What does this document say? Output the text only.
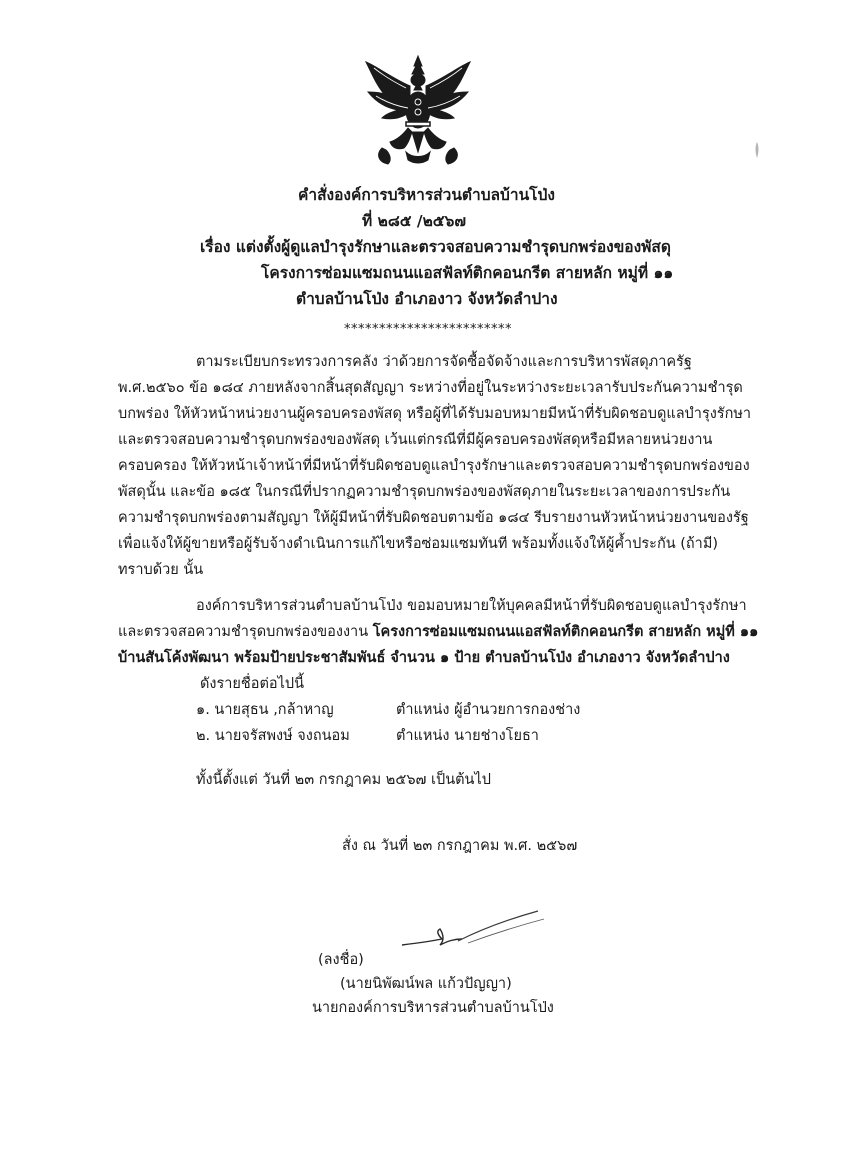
คำสั่งองค์การบริหารส่วนตำบลบ้านโป่ง
ที่ ๒๘๕ /๒๕๖๗
เรื่อง แต่งตั้งผู้ดูแลบำรุงรักษาและตรวจสอบความชำรุดบกพร่องของพัสดุ
โครงการซ่อมแซมถนนแอสฟัลท์ติกคอนกรีต สายหลัก หมู่ที่ ๑๑
ตำบลบ้านโป่ง อำเภองาว จังหวัดลำปาง
************************
ตามระเบียบกระทรวงการคลัง ว่าด้วยการจัดซื้อจัดจ้างและการบริหารพัสดุภาครัฐ
พ.ศ.๒๕๖๐ ข้อ ๑๘๔ ภายหลังจากสิ้นสุดสัญญา ระหว่างที่อยู่ในระหว่างระยะเวลารับประกันความชำรุด
บกพร่อง ให้หัวหน้าหน่วยงานผู้ครอบครองพัสดุ หรือผู้ที่ได้รับมอบหมายมีหน้าที่รับผิดชอบดูแลบำรุงรักษา
และตรวจสอบความชำรุดบกพร่องของพัสดุ เว้นแต่กรณีที่มีผู้ครอบครองพัสดุหรือมีหลายหน่วยงาน
ครอบครอง ให้หัวหน้าเจ้าหน้าที่มีหน้าที่รับผิดชอบดูแลบำรุงรักษาและตรวจสอบความชำรุดบกพร่องของ
พัสดุนั้น และข้อ ๑๘๕ ในกรณีที่ปรากฏความชำรุดบกพร่องของพัสดุภายในระยะเวลาของการประกัน
ความชำรุดบกพร่องตามสัญญา ให้ผู้มีหน้าที่รับผิดชอบตามข้อ ๑๘๔ รีบรายงานหัวหน้าหน่วยงานของรัฐ
เพื่อแจ้งให้ผู้ขายหรือผู้รับจ้างดำเนินการแก้ไขหรือซ่อมแซมทันที พร้อมทั้งแจ้งให้ผู้ค้ำประกัน (ถ้ามี)
ทราบด้วย นั้น
องค์การบริหารส่วนตำบลบ้านโป่ง ขอมอบหมายให้บุคคลมีหน้าที่รับผิดชอบดูแลบำรุงรักษา
และตรวจสอความชำรุดบกพร่องของงาน โครงการซ่อมแซมถนนแอสฟัลท์ติกคอนกรีต สายหลัก หมู่ที่ ๑๑
บ้านสันโค้งพัฒนา พร้อมป้ายประชาสัมพันธ์ จำนวน ๑ ป้าย ตำบลบ้านโป่ง อำเภองาว จังหวัดลำปาง
ดังรายชื่อต่อไปนี้
๑. นายสุธน ,กล้าหาญ	ตำแหน่ง ผู้อำนวยการกองช่าง
๒. นายจรัสพงษ์ จงถนอม	ตำแหน่ง นายช่างโยธา
ทั้งนี้ตั้งแต่ วันที่ ๒๓ กรกฎาคม ๒๕๖๗ เป็นต้นไป
สั่ง ณ วันที่ ๒๓ กรกฎาคม พ.ศ. ๒๕๖๗
(ลงชื่อ)
(นายนิพัฒน์พล แก้วปัญญา)
นายกองค์การบริหารส่วนตำบลบ้านโป่ง
